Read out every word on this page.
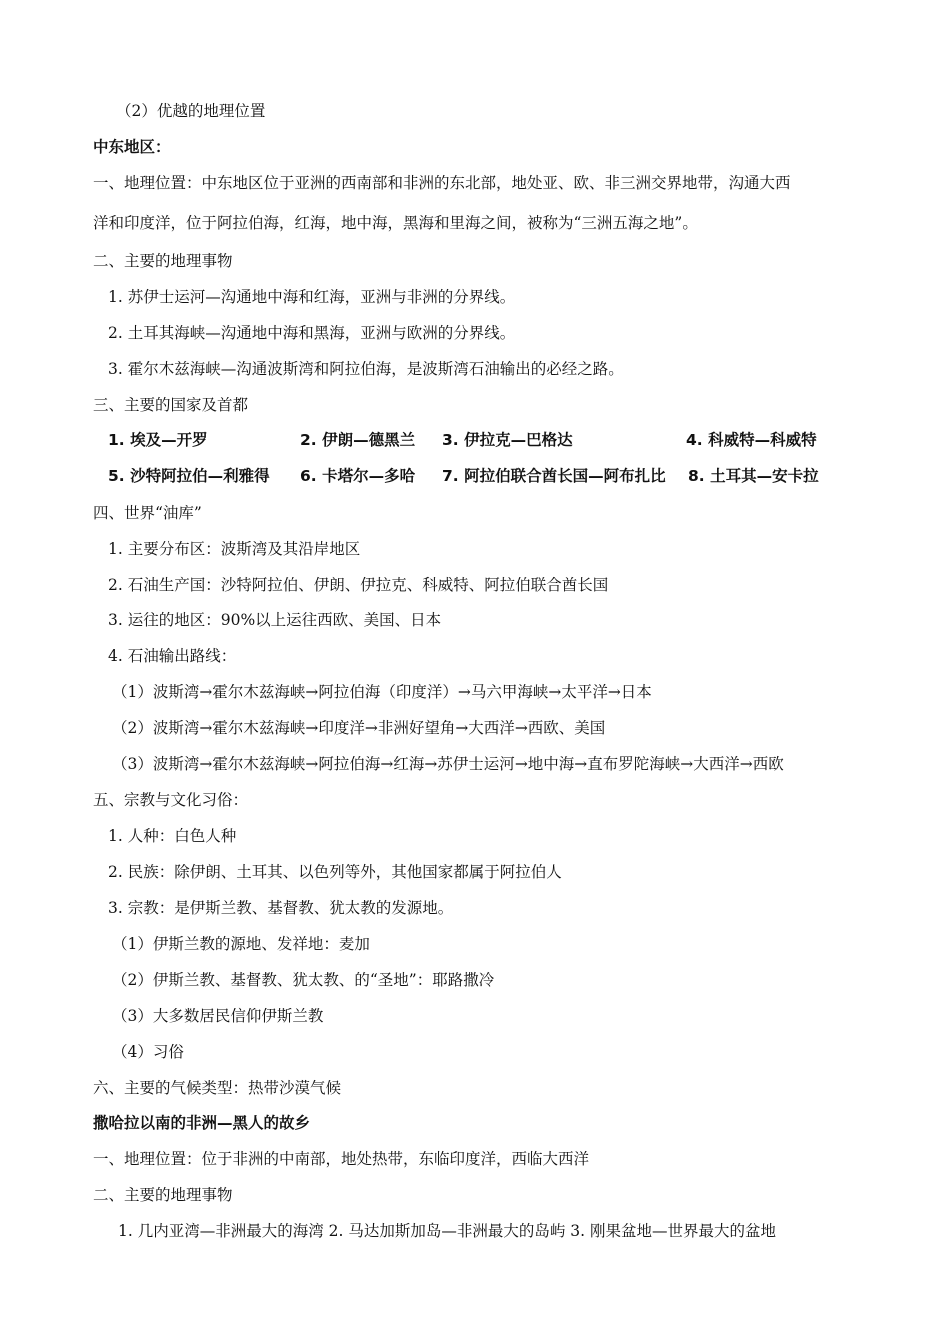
（2）优越的地理位置
中东地区：
一、地理位置：中东地区位于亚洲的西南部和非洲的东北部，地处亚、欧、非三洲交界地带，沟通大西
洋和印度洋，位于阿拉伯海，红海，地中海，黑海和里海之间，被称为“三洲五海之地”。
二、主要的地理事物
1. 苏伊士运河—沟通地中海和红海，亚洲与非洲的分界线。
2. 土耳其海峡—沟通地中海和黑海，亚洲与欧洲的分界线。
3. 霍尔木兹海峡—沟通波斯湾和阿拉伯海，是波斯湾石油输出的必经之路。
三、主要的国家及首都
1. 埃及—开罗	2. 伊朗—德黑兰 3. 伊拉克—巴格达	4. 科威特—科威特
5. 沙特阿拉伯—利雅得 6. 卡塔尔—多哈 7. 阿拉伯联合酋长国—阿布扎比 8. 土耳其—安卡拉
四、世界“油库”
1. 主要分布区：波斯湾及其沿岸地区
2. 石油生产国：沙特阿拉伯、伊朗、伊拉克、科威特、阿拉伯联合酋长国
3. 运往的地区：90%以上运往西欧、美国、日本
4. 石油输出路线：
（1）波斯湾→霍尔木兹海峡→阿拉伯海（印度洋）→马六甲海峡→太平洋→日本
（2）波斯湾→霍尔木兹海峡→印度洋→非洲好望角→大西洋→西欧、美国
（3）波斯湾→霍尔木兹海峡→阿拉伯海→红海→苏伊士运河→地中海→直布罗陀海峡→大西洋→西欧
五、宗教与文化习俗：
1. 人种：白色人种
2. 民族：除伊朗、土耳其、以色列等外，其他国家都属于阿拉伯人
3. 宗教：是伊斯兰教、基督教、犹太教的发源地。
（1）伊斯兰教的源地、发祥地：麦加
（2）伊斯兰教、基督教、犹太教、的“圣地”：耶路撒冷
（3）大多数居民信仰伊斯兰教
（4）习俗
六、主要的气候类型：热带沙漠气候
撒哈拉以南的非洲—黑人的故乡
一、地理位置：位于非洲的中南部，地处热带，东临印度洋，西临大西洋
二、主要的地理事物
1. 几内亚湾—非洲最大的海湾 2. 马达加斯加岛—非洲最大的岛屿 3. 刚果盆地—世界最大的盆地
